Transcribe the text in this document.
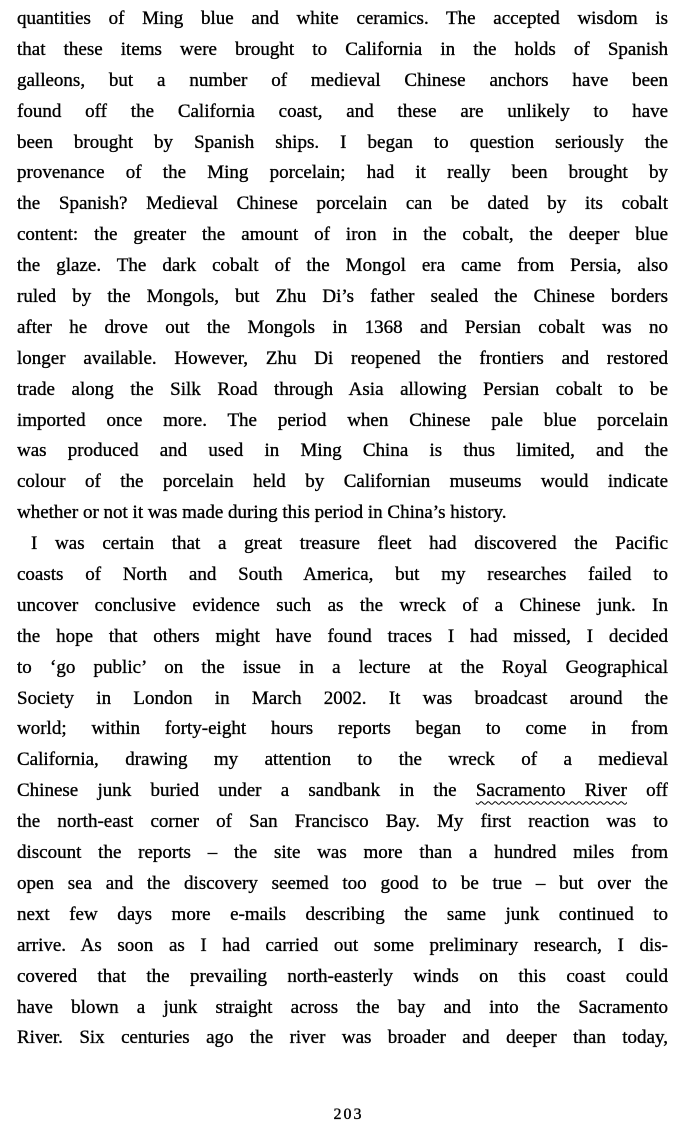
quantities of Ming blue and white ceramics. The accepted wisdom is
that these items were brought to California in the holds of Spanish
galleons, but a number of medieval Chinese anchors have been
found off the California coast, and these are unlikely to have
been brought by Spanish ships. I began to question seriously the
provenance of the Ming porcelain; had it really been brought by
the Spanish? Medieval Chinese porcelain can be dated by its cobalt
content: the greater the amount of iron in the cobalt, the deeper blue
the glaze. The dark cobalt of the Mongol era came from Persia, also
ruled by the Mongols, but Zhu Di’s father sealed the Chinese borders
after he drove out the Mongols in 1368 and Persian cobalt was no
longer available. However, Zhu Di reopened the frontiers and restored
trade along the Silk Road through Asia allowing Persian cobalt to be
imported once more. The period when Chinese pale blue porcelain
was produced and used in Ming China is thus limited, and the
colour of the porcelain held by Californian museums would indicate
whether or not it was made during this period in China’s history.
I was certain that a great treasure fleet had discovered the Pacific
coasts of North and South America, but my researches failed to
uncover conclusive evidence such as the wreck of a Chinese junk. In
the hope that others might have found traces I had missed, I decided
to ‘go public’ on the issue in a lecture at the Royal Geographical
Society in London in March 2002. It was broadcast around the
world; within forty-eight hours reports began to come in from
California, drawing my attention to the wreck of a medieval
Chinese junk buried under a sandbank in the Sacramento River off
the north-east corner of San Francisco Bay. My first reaction was to
discount the reports – the site was more than a hundred miles from
open sea and the discovery seemed too good to be true – but over the
next few days more e-mails describing the same junk continued to
arrive. As soon as I had carried out some preliminary research, I dis-
covered that the prevailing north-easterly winds on this coast could
have blown a junk straight across the bay and into the Sacramento
River. Six centuries ago the river was broader and deeper than today,
203
